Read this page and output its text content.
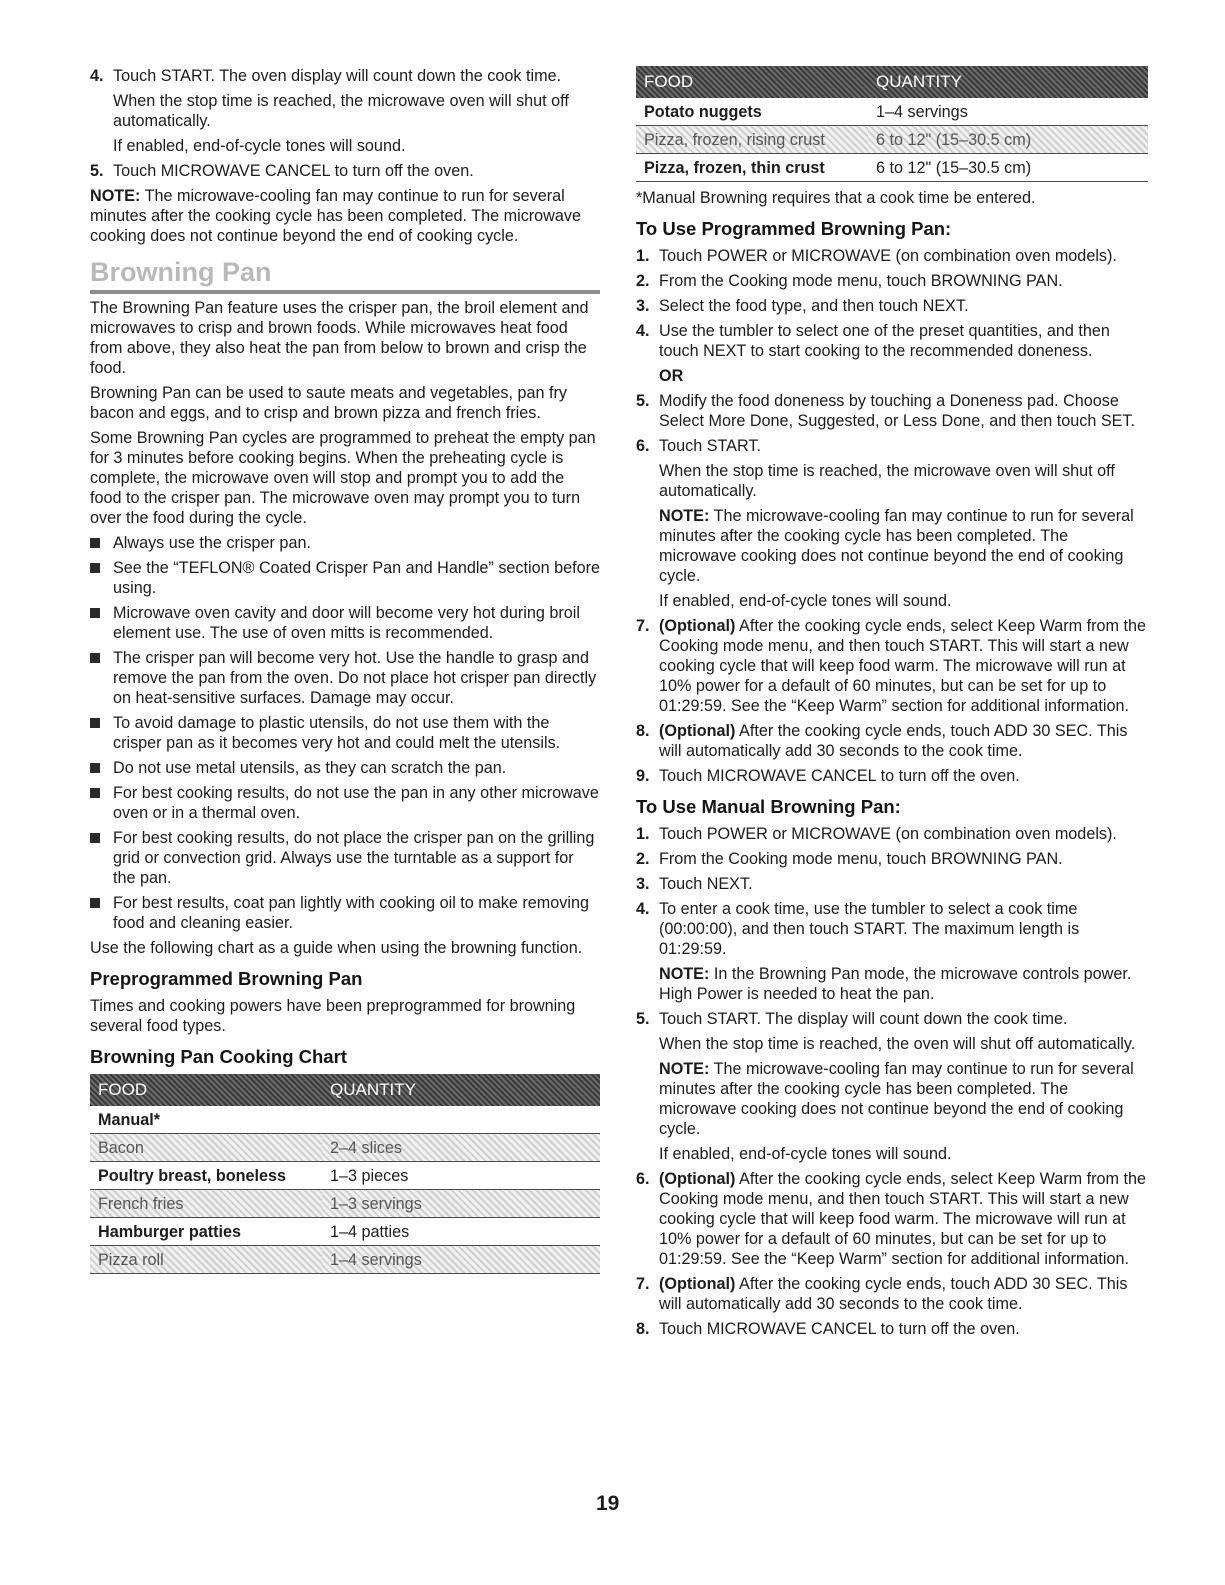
4. Touch START. The oven display will count down the cook time.

When the stop time is reached, the microwave oven will shut off automatically.

If enabled, end-of-cycle tones will sound.

5. Touch MICROWAVE CANCEL to turn off the oven.

NOTE: The microwave-cooling fan may continue to run for several minutes after the cooking cycle has been completed. The microwave cooking does not continue beyond the end of cooking cycle.

Browning Pan

The Browning Pan feature uses the crisper pan, the broil element and microwaves to crisp and brown foods. While microwaves heat food from above, they also heat the pan from below to brown and crisp the food.

Browning Pan can be used to saute meats and vegetables, pan fry bacon and eggs, and to crisp and brown pizza and french fries.

Some Browning Pan cycles are programmed to preheat the empty pan for 3 minutes before cooking begins. When the preheating cycle is complete, the microwave oven will stop and prompt you to add the food to the crisper pan. The microwave oven may prompt you to turn over the food during the cycle.

Always use the crisper pan.
See the “TEFLON® Coated Crisper Pan and Handle” section before using.
Microwave oven cavity and door will become very hot during broil element use. The use of oven mitts is recommended.
The crisper pan will become very hot. Use the handle to grasp and remove the pan from the oven. Do not place hot crisper pan directly on heat-sensitive surfaces. Damage may occur.
To avoid damage to plastic utensils, do not use them with the crisper pan as it becomes very hot and could melt the utensils.
Do not use metal utensils, as they can scratch the pan.
For best cooking results, do not use the pan in any other microwave oven or in a thermal oven.
For best cooking results, do not place the crisper pan on the grilling grid or convection grid. Always use the turntable as a support for the pan.
For best results, coat pan lightly with cooking oil to make removing food and cleaning easier.

Use the following chart as a guide when using the browning function.

Preprogrammed Browning Pan

Times and cooking powers have been preprogrammed for browning several food types.

Browning Pan Cooking Chart
FOOD	QUANTITY
Manual*	
Bacon	2–4 slices
Poultry breast, boneless	1–3 pieces
French fries	1–3 servings
Hamburger patties	1–4 patties
Pizza roll	1–4 servings
FOOD	QUANTITY
Potato nuggets	1–4 servings
Pizza, frozen, rising crust	6 to 12" (15–30.5 cm)
Pizza, frozen, thin crust	6 to 12" (15–30.5 cm)

*Manual Browning requires that a cook time be entered.

To Use Programmed Browning Pan:
1. Touch POWER or MICROWAVE (on combination oven models).

2. From the Cooking mode menu, touch BROWNING PAN.

3. Select the food type, and then touch NEXT.

4. Use the tumbler to select one of the preset quantities, and then touch NEXT to start cooking to the recommended doneness.

OR

5. Modify the food doneness by touching a Doneness pad. Choose Select More Done, Suggested, or Less Done, and then touch SET.

6. Touch START.

When the stop time is reached, the microwave oven will shut off automatically.

NOTE: The microwave-cooling fan may continue to run for several minutes after the cooking cycle has been completed. The microwave cooking does not continue beyond the end of cooking cycle.

If enabled, end-of-cycle tones will sound.

7. (Optional) After the cooking cycle ends, select Keep Warm from the Cooking mode menu, and then touch START. This will start a new cooking cycle that will keep food warm. The microwave will run at 10% power for a default of 60 minutes, but can be set for up to 01:29:59. See the “Keep Warm” section for additional information.

8. (Optional) After the cooking cycle ends, touch ADD 30 SEC. This will automatically add 30 seconds to the cook time.

9. Touch MICROWAVE CANCEL to turn off the oven.

To Use Manual Browning Pan:
1. Touch POWER or MICROWAVE (on combination oven models).

2. From the Cooking mode menu, touch BROWNING PAN.

3. Touch NEXT.

4. To enter a cook time, use the tumbler to select a cook time (00:00:00), and then touch START. The maximum length is 01:29:59.

NOTE: In the Browning Pan mode, the microwave controls power. High Power is needed to heat the pan.

5. Touch START. The display will count down the cook time.

When the stop time is reached, the oven will shut off automatically.

NOTE: The microwave-cooling fan may continue to run for several minutes after the cooking cycle has been completed. The microwave cooking does not continue beyond the end of cooking cycle.

If enabled, end-of-cycle tones will sound.

6. (Optional) After the cooking cycle ends, select Keep Warm from the Cooking mode menu, and then touch START. This will start a new cooking cycle that will keep food warm. The microwave will run at 10% power for a default of 60 minutes, but can be set for up to 01:29:59. See the “Keep Warm” section for additional information.

7. (Optional) After the cooking cycle ends, touch ADD 30 SEC. This will automatically add 30 seconds to the cook time.

8. Touch MICROWAVE CANCEL to turn off the oven.

19
